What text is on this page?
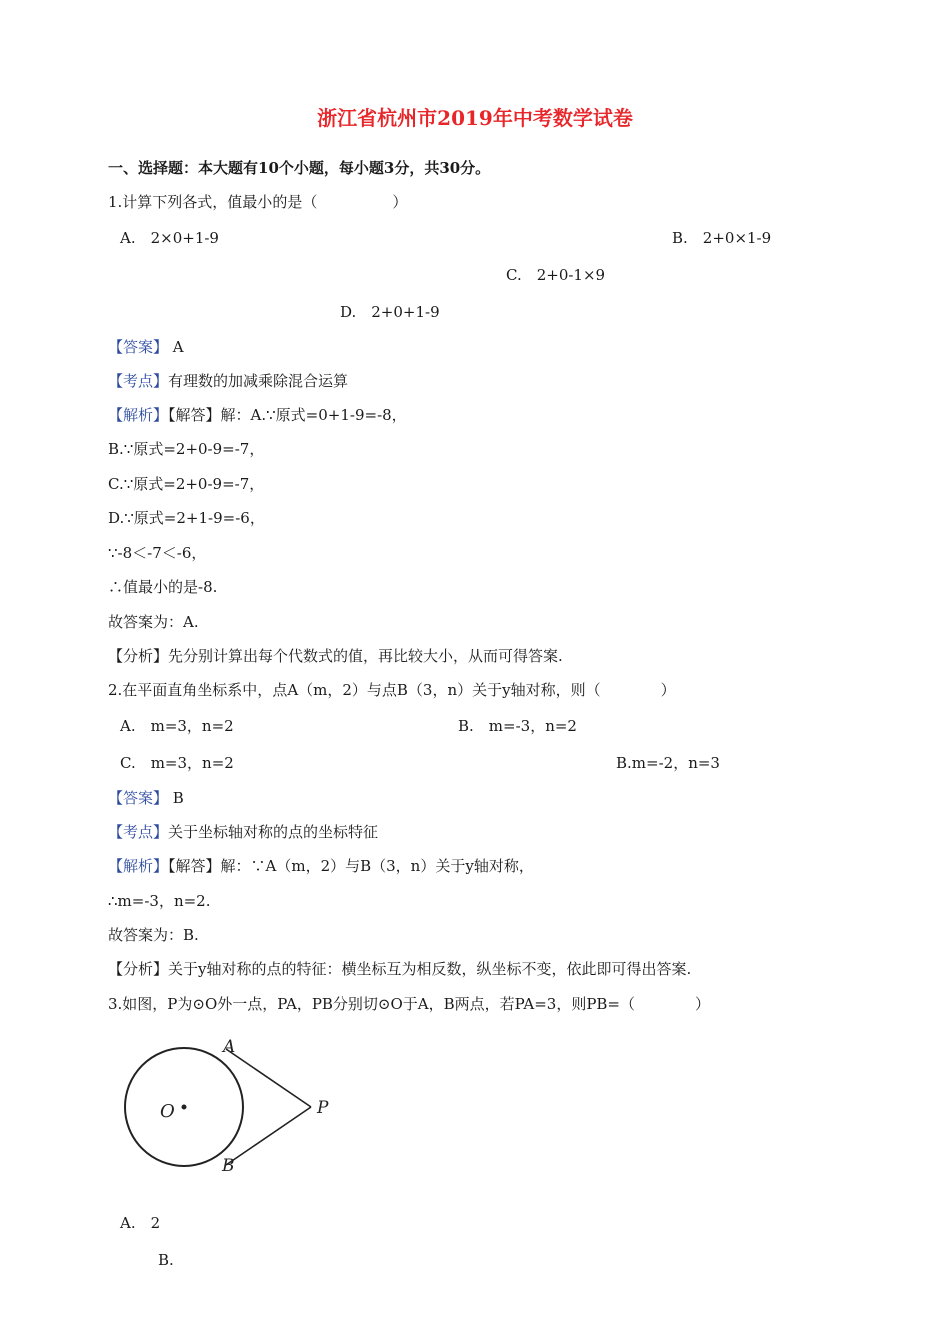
浙江省杭州市2019年中考数学试卷
一、选择题：本大题有10个小题，每小题3分，共30分。
1.计算下列各式，值最小的是（　　　　　）
A.　2×0+1-9	B.　2+0×1-9
C.　2+0-1×9
D.　2+0+1-9
【答案】 A
【考点】有理数的加减乘除混合运算
【解析】【解答】解：A.∵原式=0+1-9=-8，
B.∵原式=2+0-9=-7，
C.∵原式=2+0-9=-7，
D.∵原式=2+1-9=-6，
∵-8＜-7＜-6，
∴值最小的是-8.
故答案为：A.
【分析】先分别计算出每个代数式的值，再比较大小，从而可得答案.
2.在平面直角坐标系中，点A（m，2）与点B（3，n）关于y轴对称，则（　　　　）
A.　m=3，n=2	B.　m=-3，n=2
C.　m=3，n=2	B.m=-2，n=3
【答案】 B
【考点】关于坐标轴对称的点的坐标特征
【解析】【解答】解：∵A（m，2）与B（3，n）关于y轴对称，
∴m=-3，n=2.
故答案为：B.
【分析】关于y轴对称的点的特征：横坐标互为相反数，纵坐标不变，依此即可得出答案.
3.如图，P为⊙O外一点，PA，PB分别切⊙O于A，B两点，若PA=3，则PB=（　　　　）
A
B
O	P
A.　2
B.
